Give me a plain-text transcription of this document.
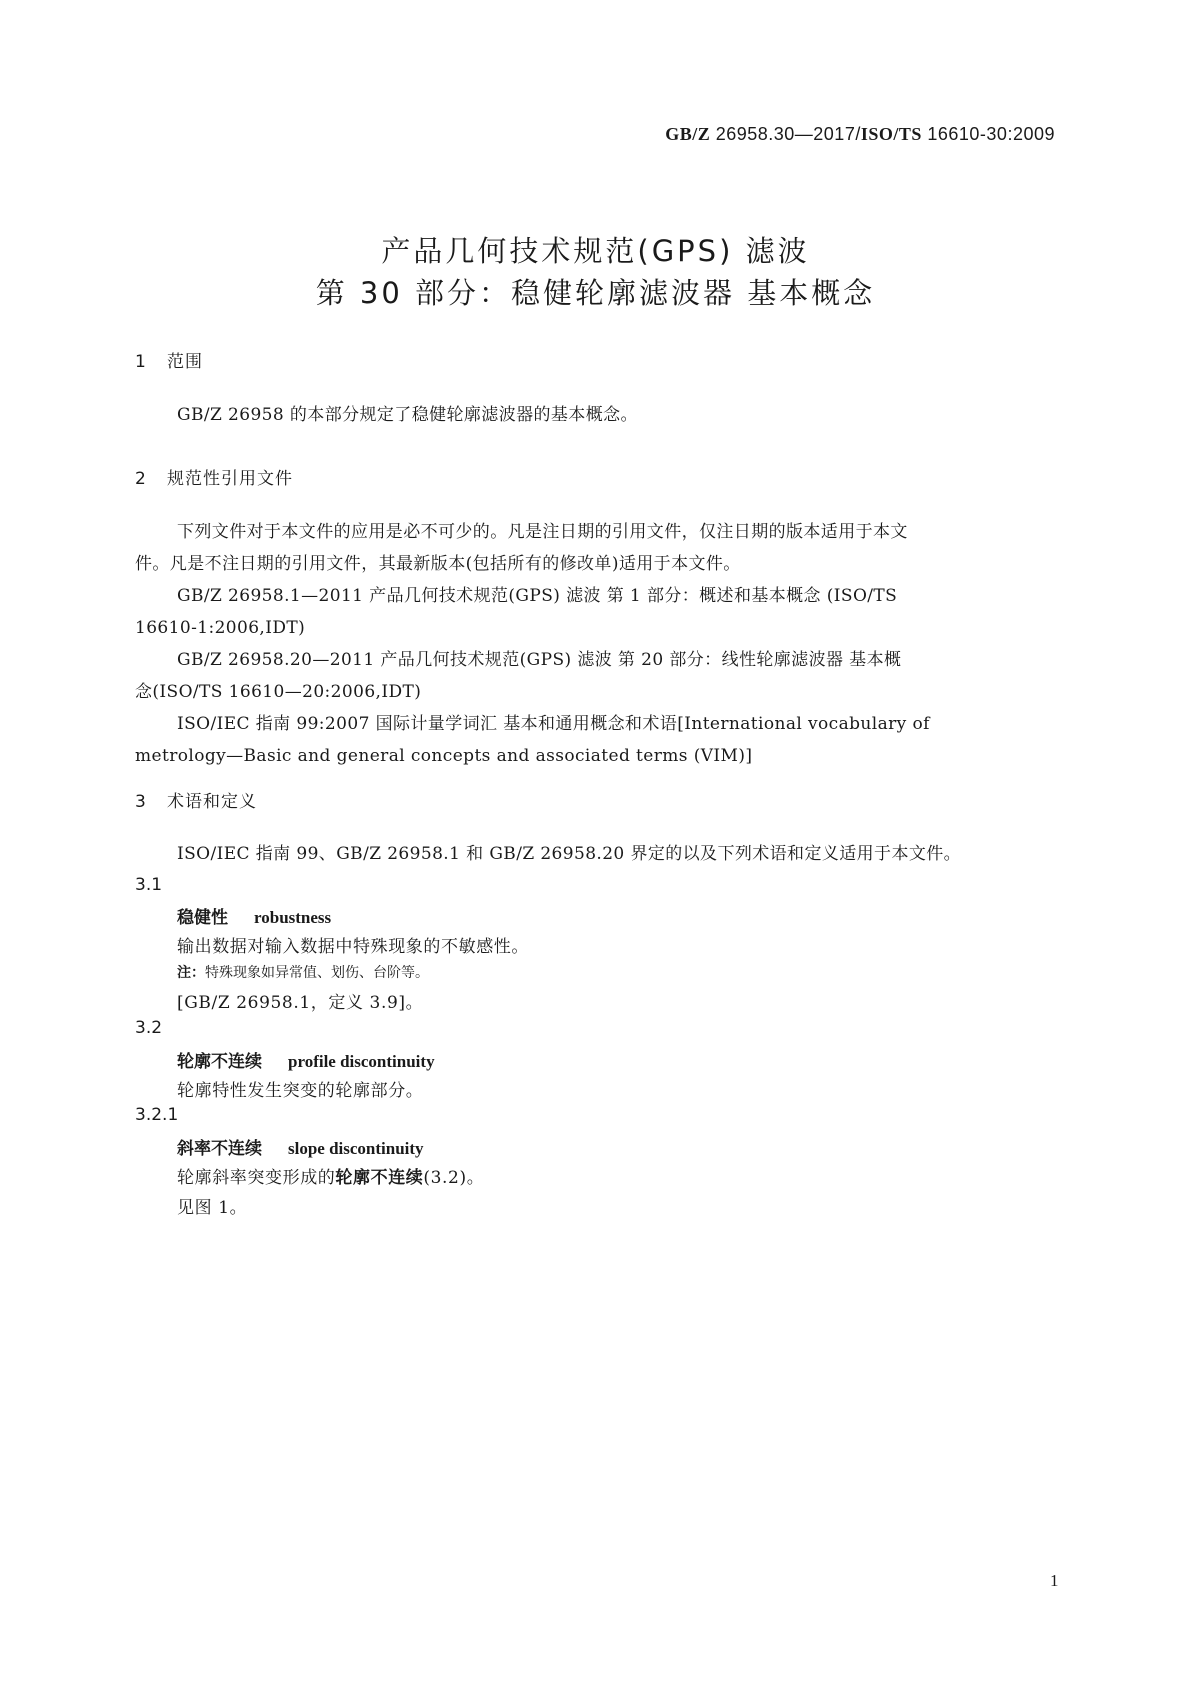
GB/Z 26958.30—2017/ISO/TS 16610-30:2009
产品几何技术规范(GPS) 滤波
第 30 部分：稳健轮廓滤波器 基本概念
1 范围
GB/Z 26958 的本部分规定了稳健轮廓滤波器的基本概念。
2 规范性引用文件
下列文件对于本文件的应用是必不可少的。凡是注日期的引用文件，仅注日期的版本适用于本文
件。凡是不注日期的引用文件，其最新版本(包括所有的修改单)适用于本文件。
GB/Z 26958.1—2011 产品几何技术规范(GPS) 滤波 第 1 部分：概述和基本概念 (ISO/TS
16610-1:2006,IDT)
GB/Z 26958.20—2011 产品几何技术规范(GPS) 滤波 第 20 部分：线性轮廓滤波器 基本概
念(ISO/TS 16610—20:2006,IDT)
ISO/IEC 指南 99:2007 国际计量学词汇 基本和通用概念和术语[International vocabulary of
metrology—Basic and general concepts and associated terms (VIM)]
3 术语和定义
ISO/IEC 指南 99、GB/Z 26958.1 和 GB/Z 26958.20 界定的以及下列术语和定义适用于本文件。
3.1
稳健性 robustness
输出数据对输入数据中特殊现象的不敏感性。
注：特殊现象如异常值、划伤、台阶等。
[GB/Z 26958.1，定义 3.9]。
3.2
轮廓不连续 profile discontinuity
轮廓特性发生突变的轮廓部分。
3.2.1
斜率不连续 slope discontinuity
轮廓斜率突变形成的轮廓不连续(3.2)。
见图 1。
1
